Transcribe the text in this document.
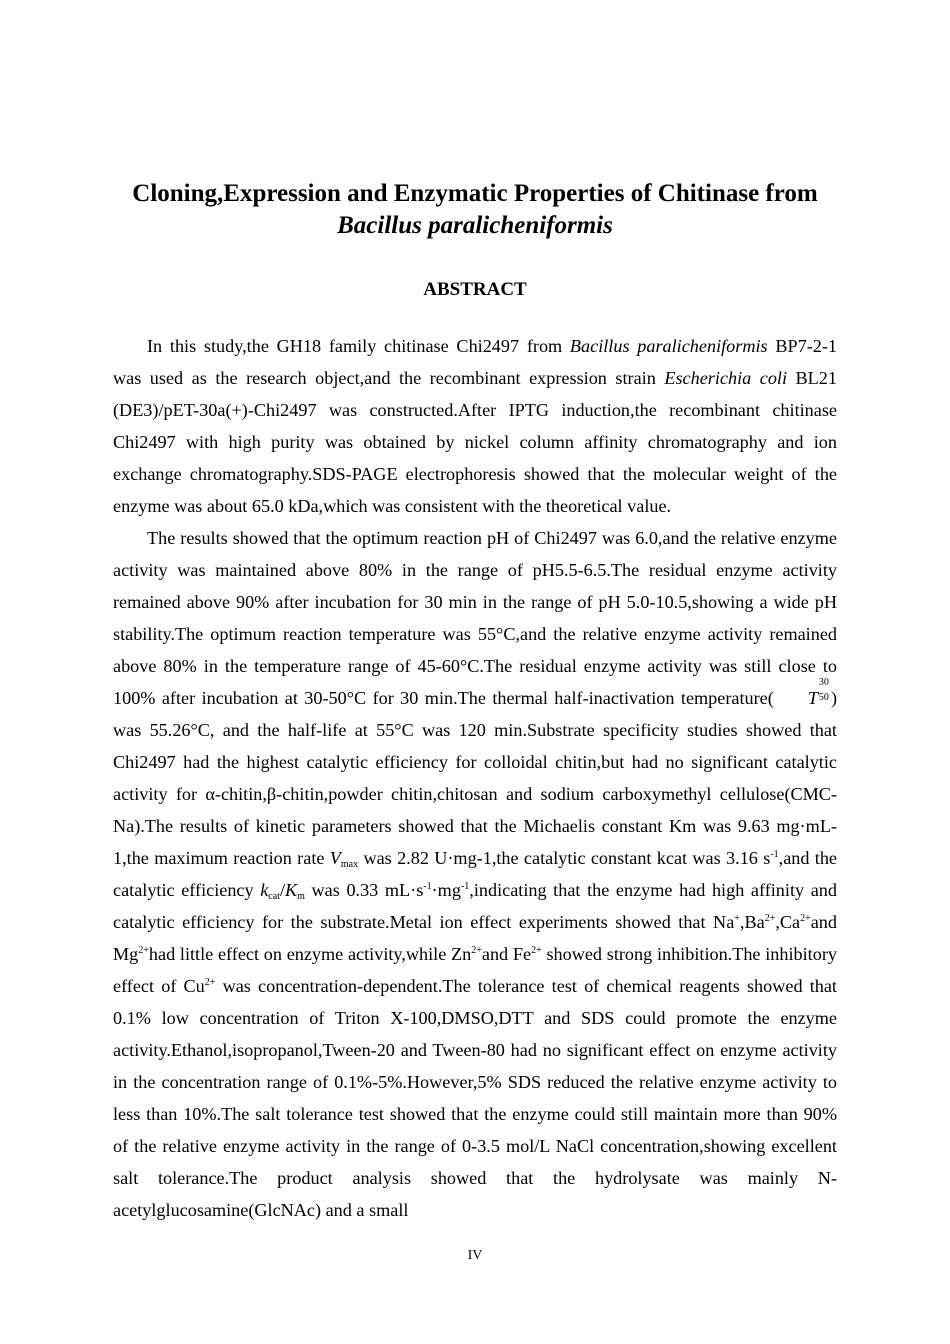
Cloning,Expression and Enzymatic Properties of Chitinase from
Bacillus paralicheniformis
ABSTRACT

In this study,the GH18 family chitinase Chi2497 from Bacillus paralicheniformis BP7-2-1 was used as the research object,and the recombinant expression strain Escherichia coli BL21 (DE3)/pET-30a(+)-Chi2497 was constructed.After IPTG induction,the recombinant chitinase Chi2497 with high purity was obtained by nickel column affinity chromatography and ion exchange chromatography.SDS-PAGE electrophoresis showed that the molecular weight of the enzyme was about 65.0 kDa,which was consistent with the theoretical value.

The results showed that the optimum reaction pH of Chi2497 was 6.0,and the relative enzyme activity was maintained above 80% in the range of pH5.5-6.5.The residual enzyme activity remained above 90% after incubation for 30 min in the range of pH 5.0-10.5,showing a wide pH stability.The optimum reaction temperature was 55°C,and the relative enzyme activity remained above 80% in the temperature range of 45-60°C.The residual enzyme activity was still close to 100% after incubation at 30-50°C for 30 min.The thermal half-inactivation temperature( T
30
50 ) was 55.26°C, and the half-life at 55°C was 120 min.Substrate specificity studies showed that Chi2497 had the highest catalytic efficiency for colloidal chitin,but had no significant catalytic activity for α-chitin,β-chitin,powder chitin,chitosan and sodium carboxymethyl cellulose(CMC-Na).The results of kinetic parameters showed that the Michaelis constant Km was 9.63 mg·mL-1,the maximum reaction rate $V_{max}$ was 2.82 U·mg-1,the catalytic constant kcat was 3.16 $s^{-1},and$ the catalytic efficiency $k_{cat}/K_m$ was 0.33 $mL\cdot s^{-1}\cdot mg^{-1},indicating$ that the enzyme had high affinity and catalytic efficiency for the substrate.Metal ion effect experiments showed that $Na^+,Ba^{2+},Ca^{2+}and$ $Mg^{2+}had$ little effect on enzyme activity,while $Zn^{2+}and$ $Fe^{2+}$ showed strong inhibition.The inhibitory effect of $Cu^{2+}$ was concentration-dependent.The tolerance test of chemical reagents showed that 0.1% low concentration of Triton X-100,DMSO,DTT and SDS could promote the enzyme activity.Ethanol,isopropanol,Tween-20 and Tween-80 had no significant effect on enzyme activity in the concentration range of 0.1%-5%.However,5% SDS reduced the relative enzyme activity to less than 10%.The salt tolerance test showed that the enzyme could still maintain more than 90% of the relative enzyme activity in the range of 0-3.5 mol/L NaCl concentration,showing excellent salt tolerance.The product analysis showed that the hydrolysate was mainly N-acetylglucosamine(GlcNAc) and a small

IV
